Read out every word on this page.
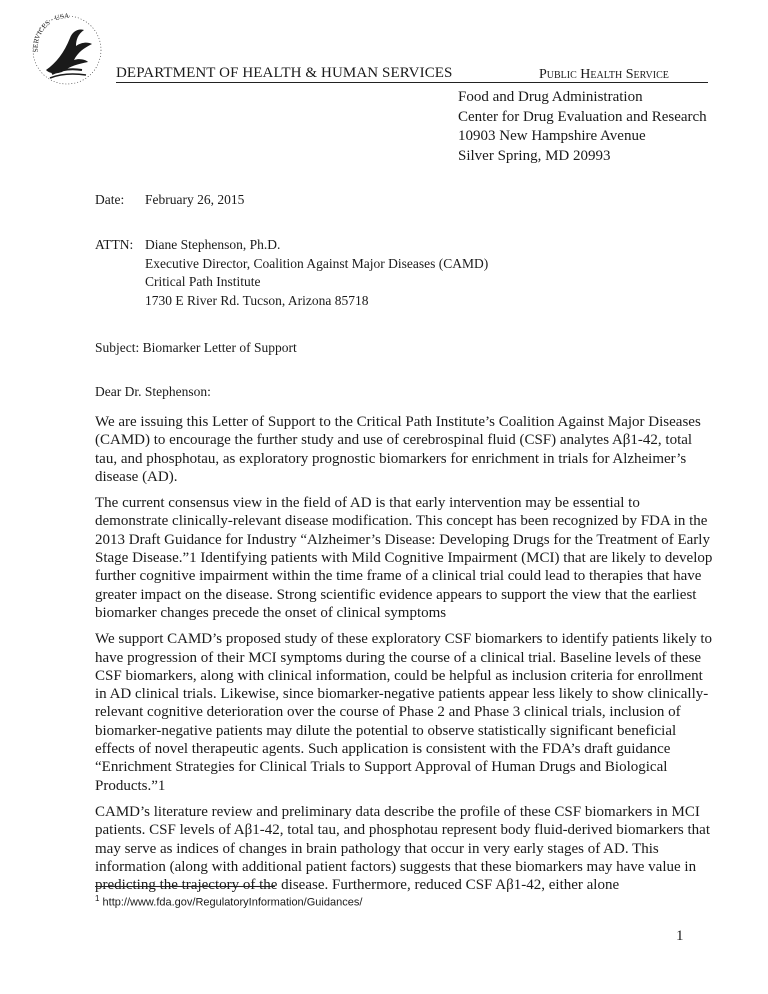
SERVICES · USA
DEPARTMENT OF HEALTH & HUMAN SERVICES	Public Health Service
Food and Drug Administration
Center for Drug Evaluation and Research
10903 New Hampshire Avenue
Silver Spring, MD 20993
Date: February 26, 2015
ATTN: Diane Stephenson, Ph.D.
Executive Director, Coalition Against Major Diseases (CAMD)
Critical Path Institute
1730 E River Rd. Tucson, Arizona 85718
Subject: Biomarker Letter of Support
Dear Dr. Stephenson:

We are issuing this Letter of Support to the Critical Path Institute’s Coalition Against Major Diseases (CAMD) to encourage the further study and use of cerebrospinal fluid (CSF) analytes Aβ1-42, total tau, and phosphotau, as exploratory prognostic biomarkers for enrichment in trials for Alzheimer’s disease (AD).

The current consensus view in the field of AD is that early intervention may be essential to demonstrate clinically-relevant disease modification. This concept has been recognized by FDA in the 2013 Draft Guidance for Industry “Alzheimer’s Disease: Developing Drugs for the Treatment of Early Stage Disease.”1 Identifying patients with Mild Cognitive Impairment (MCI) that are likely to develop further cognitive impairment within the time frame of a clinical trial could lead to therapies that have greater impact on the disease. Strong scientific evidence appears to support the view that the earliest biomarker changes precede the onset of clinical symptoms

We support CAMD’s proposed study of these exploratory CSF biomarkers to identify patients likely to have progression of their MCI symptoms during the course of a clinical trial. Baseline levels of these CSF biomarkers, along with clinical information, could be helpful as inclusion criteria for enrollment in AD clinical trials. Likewise, since biomarker-negative patients appear less likely to show clinically-relevant cognitive deterioration over the course of Phase 2 and Phase 3 clinical trials, inclusion of biomarker-negative patients may dilute the potential to observe statistically significant beneficial effects of novel therapeutic agents. Such application is consistent with the FDA’s draft guidance “Enrichment Strategies for Clinical Trials to Support Approval of Human Drugs and Biological Products.”1

CAMD’s literature review and preliminary data describe the profile of these CSF biomarkers in MCI patients. CSF levels of Aβ1-42, total tau, and phosphotau represent body fluid-derived biomarkers that may serve as indices of changes in brain pathology that occur in very early stages of AD. This information (along with additional patient factors) suggests that these biomarkers may have value in predicting the trajectory of the disease. Furthermore, reduced CSF Aβ1-42, either alone

$^1$ http://www.fda.gov/RegulatoryInformation/Guidances/
1
